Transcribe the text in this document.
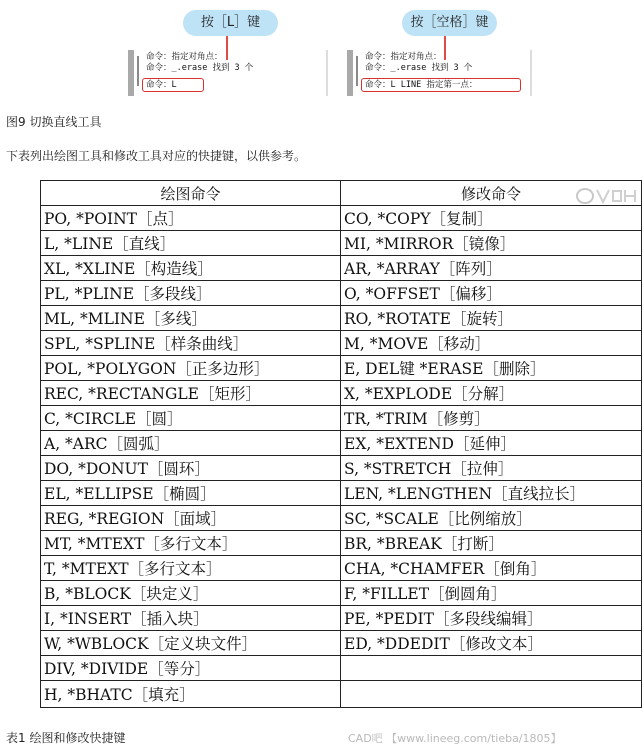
按［L］键
命令：指定对角点：
命令：_.erase 找到 3 个
命令：L
按［空格］键
命令：指定对角点：
命令：_.erase 找到 3 个
命令：L LINE 指定第一点：
图9 切换直线工具
下表列出绘图工具和修改工具对应的快捷键，以供参考。
绘图命令	修改命令
PO, *POINT［点］	CO, *COPY［复制］
L, *LINE［直线］	MI, *MIRROR［镜像］
XL, *XLINE［构造线］	AR, *ARRAY［阵列］
PL, *PLINE［多段线］	O, *OFFSET［偏移］
ML, *MLINE［多线］	RO, *ROTATE［旋转］
SPL, *SPLINE［样条曲线］	M, *MOVE［移动］
POL, *POLYGON［正多边形］	E, DEL键 *ERASE［删除］
REC, *RECTANGLE［矩形］	X, *EXPLODE［分解］
C, *CIRCLE［圆］	TR, *TRIM［修剪］
A, *ARC［圆弧］	EX, *EXTEND［延伸］
DO, *DONUT［圆环］	S, *STRETCH［拉伸］
EL, *ELLIPSE［椭圆］	LEN, *LENGTHEN［直线拉长］
REG, *REGION［面域］	SC, *SCALE［比例缩放］
MT, *MTEXT［多行文本］	BR, *BREAK［打断］
T, *MTEXT［多行文本］	CHA, *CHAMFER［倒角］
B, *BLOCK［块定义］	F, *FILLET［倒圆角］
I, *INSERT［插入块］	PE, *PEDIT［多段线编辑］
W, *WBLOCK［定义块文件］	ED, *DDEDIT［修改文本］
DIV, *DIVIDE［等分］	
H, *BHATC［填充］	
表1 绘图和修改快捷键	CAD吧 【www.lineeg.com/tieba/1805】
